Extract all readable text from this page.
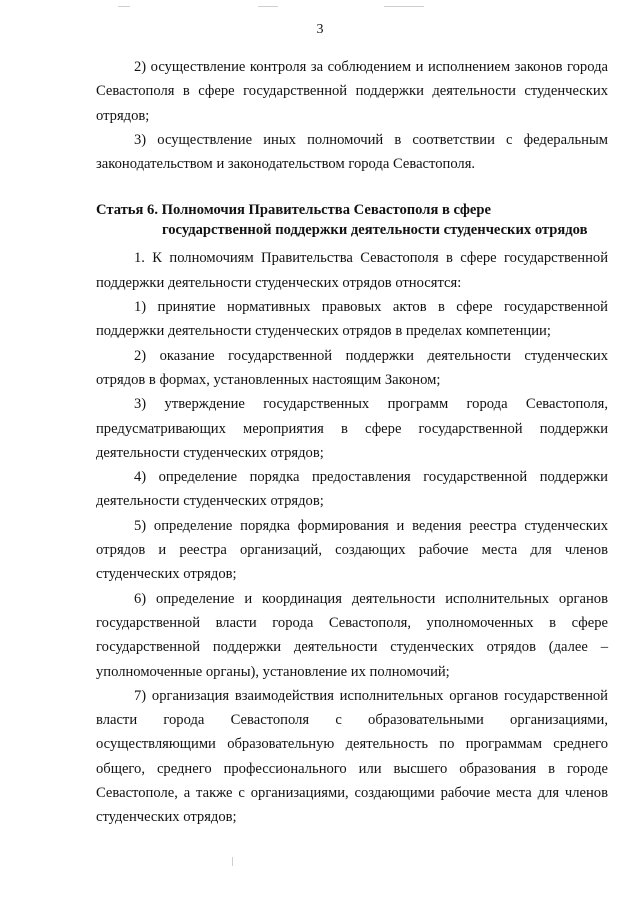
3

2) осуществление контроля за соблюдением и исполнением законов города Севастополя в сфере государственной поддержки деятельности студенческих отрядов;

3) осуществление иных полномочий в соответствии с федеральным законодательством и законодательством города Севастополя.

Статья 6. Полномочия Правительства Севастополя в сфере
государственной поддержки деятельности студенческих отрядов

1. К полномочиям Правительства Севастополя в сфере государственной поддержки деятельности студенческих отрядов относятся:

1) принятие нормативных правовых актов в сфере государственной поддержки деятельности студенческих отрядов в пределах компетенции;

2) оказание государственной поддержки деятельности студенческих отрядов в формах, установленных настоящим Законом;

3) утверждение государственных программ города Севастополя, предусматривающих мероприятия в сфере государственной поддержки деятельности студенческих отрядов;

4) определение порядка предоставления государственной поддержки деятельности студенческих отрядов;

5) определение порядка формирования и ведения реестра студенческих отрядов и реестра организаций, создающих рабочие места для членов студенческих отрядов;

6) определение и координация деятельности исполнительных органов государственной власти города Севастополя, уполномоченных в сфере государственной поддержки деятельности студенческих отрядов (далее – уполномоченные органы), установление их полномочий;

7) организация взаимодействия исполнительных органов государственной власти города Севастополя с образовательными организациями, осуществляющими образовательную деятельность по программам среднего общего, среднего профессионального или высшего образования в городе Севастополе, а также с организациями, создающими рабочие места для членов студенческих отрядов;
